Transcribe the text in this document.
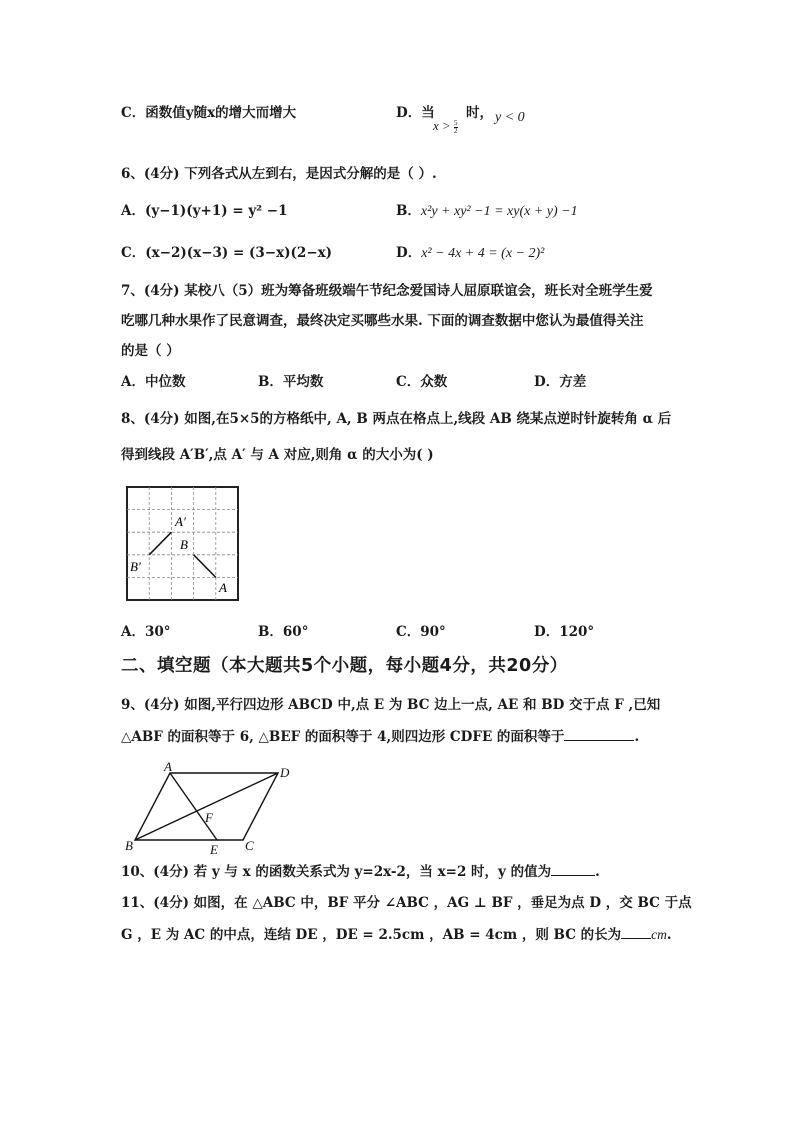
C．函数值y随x的增大而增大	D．当
$x > \frac{5}{2}$
时， y < 0
6、(4分) 下列各式从左到右，是因式分解的是（ ）.
A．(y−1)(y+1) = y² −1	B．x²y + xy² −1 = xy(x + y) −1
C．(x−2)(x−3) = (3−x)(2−x)	D．x² − 4x + 4 = (x − 2)²
7、(4分) 某校八（5）班为筹备班级端午节纪念爱国诗人屈原联谊会，班长对全班学生爱
吃哪几种水果作了民意调查，最终决定买哪些水果. 下面的调查数据中您认为最值得关注
的是（ ）
A．中位数	B．平均数	C．众数	D．方差
8、(4分) 如图,在5×5的方格纸中, A, B 两点在格点上,线段 AB 绕某点逆时针旋转角 α 后
得到线段 A′B′,点 A′ 与 A 对应,则角 α 的大小为( )
A′
B
B′
A
A．30°	B．60°	C．90°	D．120°
二、填空题（本大题共5个小题，每小题4分，共20分）
9、(4分) 如图,平行四边形 ABCD 中,点 E 为 BC 边上一点, AE 和 BD 交于点 F ,已知
△ABF 的面积等于 6, △BEF 的面积等于 4,则四边形 CDFE 的面积等于	.
A	D
F
B	E C
10、(4分) 若 y 与 x 的函数关系式为 y=2x-2，当 x=2 时，y 的值为	.
11、(4分) 如图，在 △ABC 中，BF 平分 ∠ABC ，AG ⊥ BF ，垂足为点 D ，交 BC 于点
G ，E 为 AC 的中点，连结 DE ，DE = 2.5cm ，AB = 4cm ，则 BC 的长为 cm.
